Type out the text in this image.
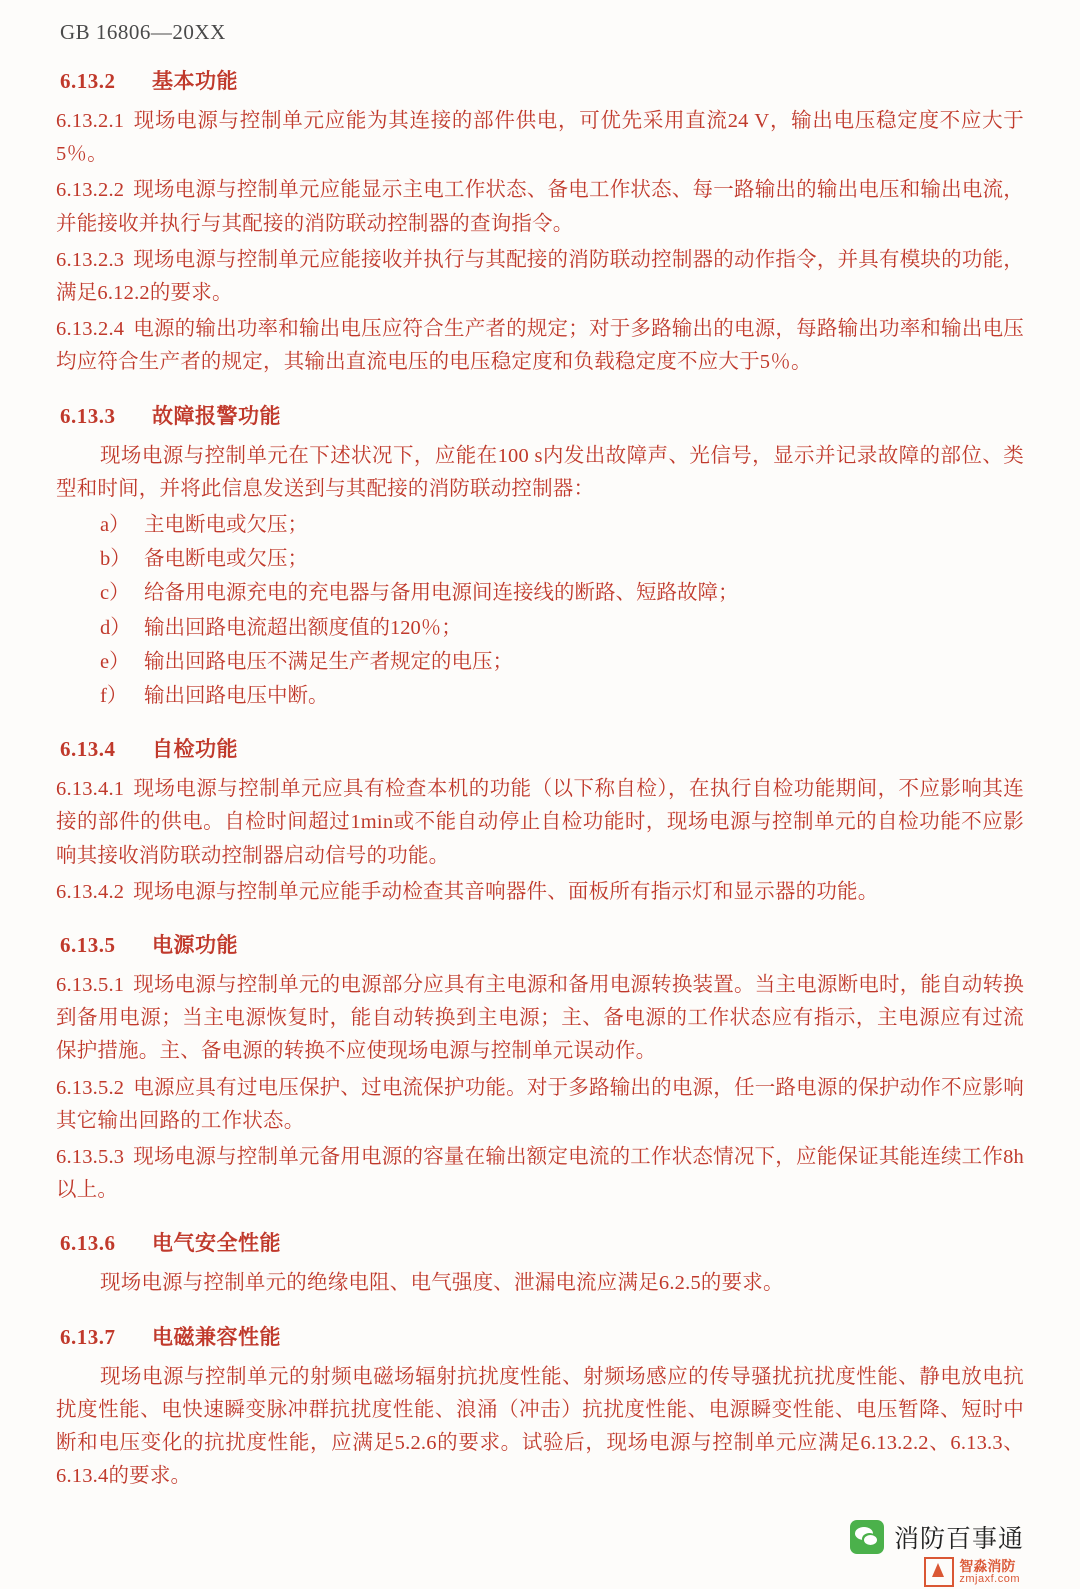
GB 16806—20XX
6.13.2 基本功能

6.13.2.1 现场电源与控制单元应能为其连接的部件供电，可优先采用直流24 V，输出电压稳定度不应大于5％。

6.13.2.2 现场电源与控制单元应能显示主电工作状态、备电工作状态、每一路输出的输出电压和输出电流，并能接收并执行与其配接的消防联动控制器的查询指令。

6.13.2.3 现场电源与控制单元应能接收并执行与其配接的消防联动控制器的动作指令，并具有模块的功能，满足6.12.2的要求。

6.13.2.4 电源的输出功率和输出电压应符合生产者的规定；对于多路输出的电源，每路输出功率和输出电压均应符合生产者的规定，其输出直流电压的电压稳定度和负载稳定度不应大于5％。

6.13.3 故障报警功能

现场电源与控制单元在下述状况下，应能在100 s内发出故障声、光信号，显示并记录故障的部位、类型和时间，并将此信息发送到与其配接的消防联动控制器：

a） 主电断电或欠压；
b） 备电断电或欠压；
c） 给备用电源充电的充电器与备用电源间连接线的断路、短路故障；
d） 输出回路电流超出额度值的120％；
e） 输出回路电压不满足生产者规定的电压；
f） 输出回路电压中断。
6.13.4 自检功能

6.13.4.1 现场电源与控制单元应具有检查本机的功能（以下称自检），在执行自检功能期间，不应影响其连接的部件的供电。自检时间超过1min或不能自动停止自检功能时，现场电源与控制单元的自检功能不应影响其接收消防联动控制器启动信号的功能。

6.13.4.2 现场电源与控制单元应能手动检查其音响器件、面板所有指示灯和显示器的功能。

6.13.5 电源功能

6.13.5.1 现场电源与控制单元的电源部分应具有主电源和备用电源转换装置。当主电源断电时，能自动转换到备用电源；当主电源恢复时，能自动转换到主电源；主、备电源的工作状态应有指示，主电源应有过流保护措施。主、备电源的转换不应使现场电源与控制单元误动作。

6.13.5.2 电源应具有过电压保护、过电流保护功能。对于多路输出的电源，任一路电源的保护动作不应影响其它输出回路的工作状态。

6.13.5.3 现场电源与控制单元备用电源的容量在输出额定电流的工作状态情况下，应能保证其能连续工作8h以上。

6.13.6 电气安全性能

现场电源与控制单元的绝缘电阻、电气强度、泄漏电流应满足6.2.5的要求。

6.13.7 电磁兼容性能

现场电源与控制单元的射频电磁场辐射抗扰度性能、射频场感应的传导骚扰抗扰度性能、静电放电抗扰度性能、电快速瞬变脉冲群抗扰度性能、浪涌（冲击）抗扰度性能、电源瞬变性能、电压暂降、短时中断和电压变化的抗扰度性能，应满足5.2.6的要求。试验后，现场电源与控制单元应满足6.13.2.2、6.13.3、6.13.4的要求。

消防百事通
智淼消防
zmjaxf.com
